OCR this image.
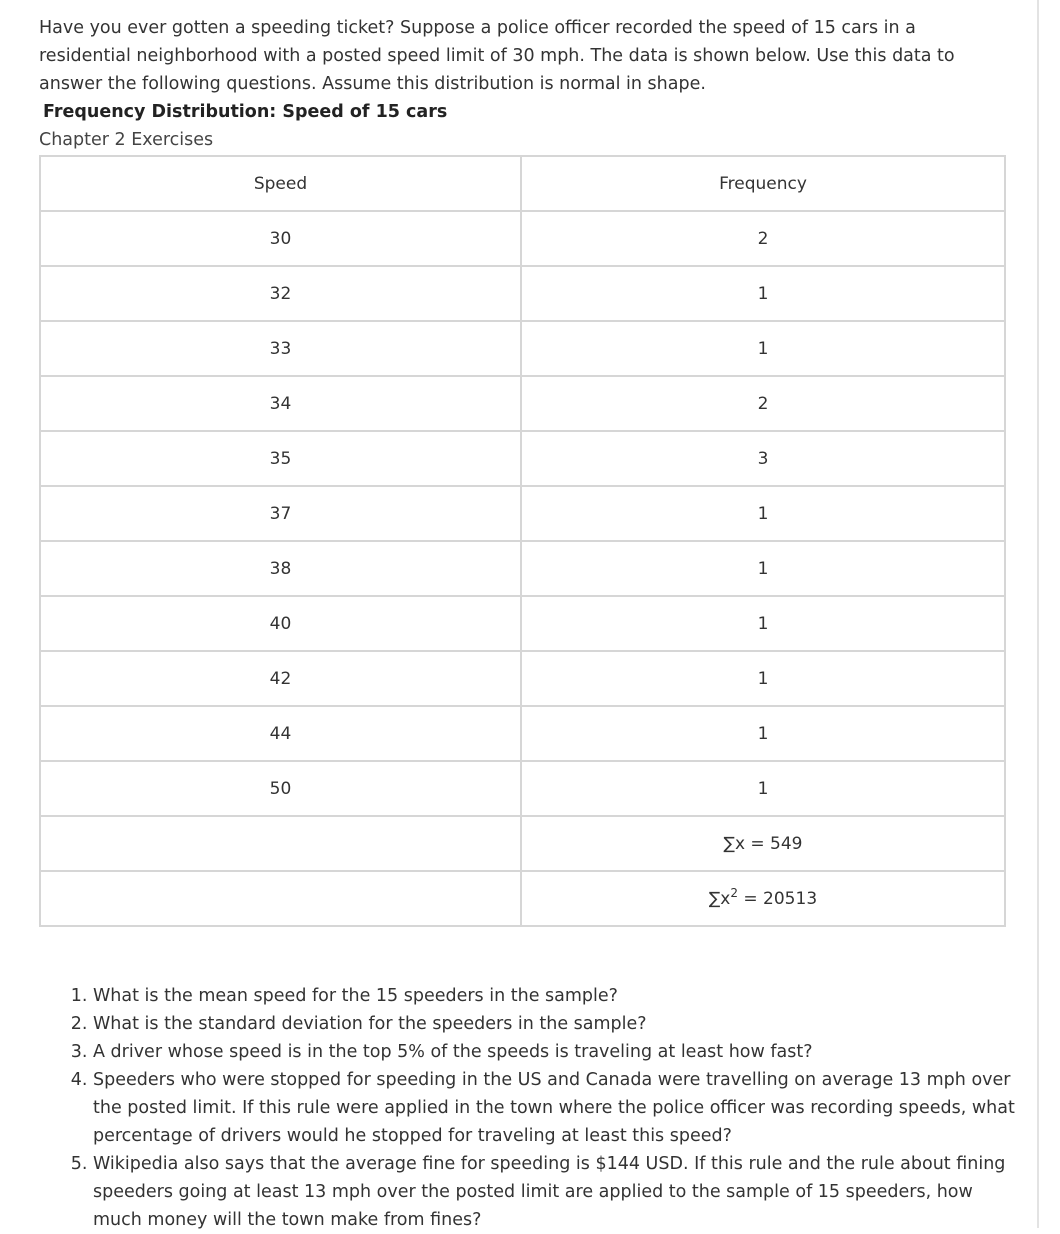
Have you ever gotten a speeding ticket? Suppose a police officer recorded the speed of 15 cars in a residential neighborhood with a posted speed limit of 30 mph. The data is shown below. Use this data to answer the following questions. Assume this distribution is normal in shape.

Frequency Distribution: Speed of 15 cars

Chapter 2 Exercises

Speed	Frequency
30	2
32	1
33	1
34	2
35	3
37	1
38	1
40	1
42	1
44	1
50	1
	∑x = 549
	$\sum x^2 = 20513$
1. What is the mean speed for the 15 speeders in the sample?
2. What is the standard deviation for the speeders in the sample?
3. A driver whose speed is in the top 5% of the speeds is traveling at least how fast?
4. Speeders who were stopped for speeding in the US and Canada were travelling on average 13 mph over the posted limit. If this rule were applied in the town where the police officer was recording speeds, what percentage of drivers would he stopped for traveling at least this speed?
5. Wikipedia also says that the average fine for speeding is $144 USD. If this rule and the rule about fining speeders going at least 13 mph over the posted limit are applied to the sample of 15 speeders, how much money will the town make from fines?
